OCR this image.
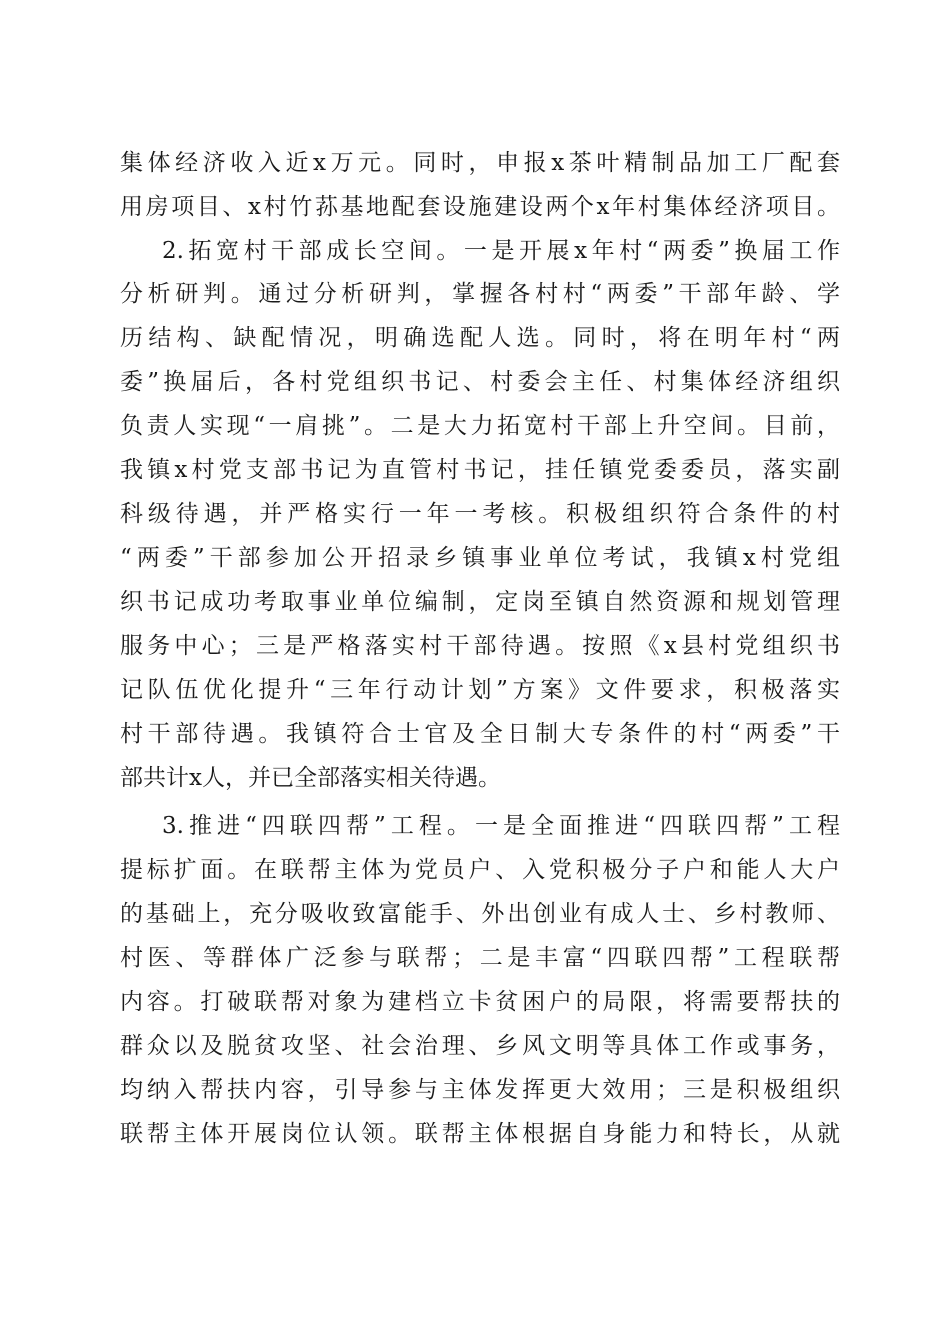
集体经济收入近x万元。同时，申报x茶叶精制品加工厂配套
用房项目、x村竹荪基地配套设施建设两个x年村集体经济项目。
2.拓宽村干部成长空间。一是开展x年村“两委”换届工作
分析研判。通过分析研判，掌握各村村“两委”干部年龄、学
历结构、缺配情况，明确选配人选。同时，将在明年村“两
委”换届后，各村党组织书记、村委会主任、村集体经济组织
负责人实现“一肩挑”。二是大力拓宽村干部上升空间。目前，
我镇x村党支部书记为直管村书记，挂任镇党委委员，落实副
科级待遇，并严格实行一年一考核。积极组织符合条件的村
“两委”干部参加公开招录乡镇事业单位考试，我镇x村党组
织书记成功考取事业单位编制，定岗至镇自然资源和规划管理
服务中心；三是严格落实村干部待遇。按照《x县村党组织书
记队伍优化提升“三年行动计划”方案》文件要求，积极落实
村干部待遇。我镇符合士官及全日制大专条件的村“两委”干
部共计x人，并已全部落实相关待遇。
3.推进“四联四帮”工程。一是全面推进“四联四帮”工程
提标扩面。在联帮主体为党员户、入党积极分子户和能人大户
的基础上，充分吸收致富能手、外出创业有成人士、乡村教师、
村医、等群体广泛参与联帮；二是丰富“四联四帮”工程联帮
内容。打破联帮对象为建档立卡贫困户的局限，将需要帮扶的
群众以及脱贫攻坚、社会治理、乡风文明等具体工作或事务，
均纳入帮扶内容，引导参与主体发挥更大效用；三是积极组织
联帮主体开展岗位认领。联帮主体根据自身能力和特长，从就
